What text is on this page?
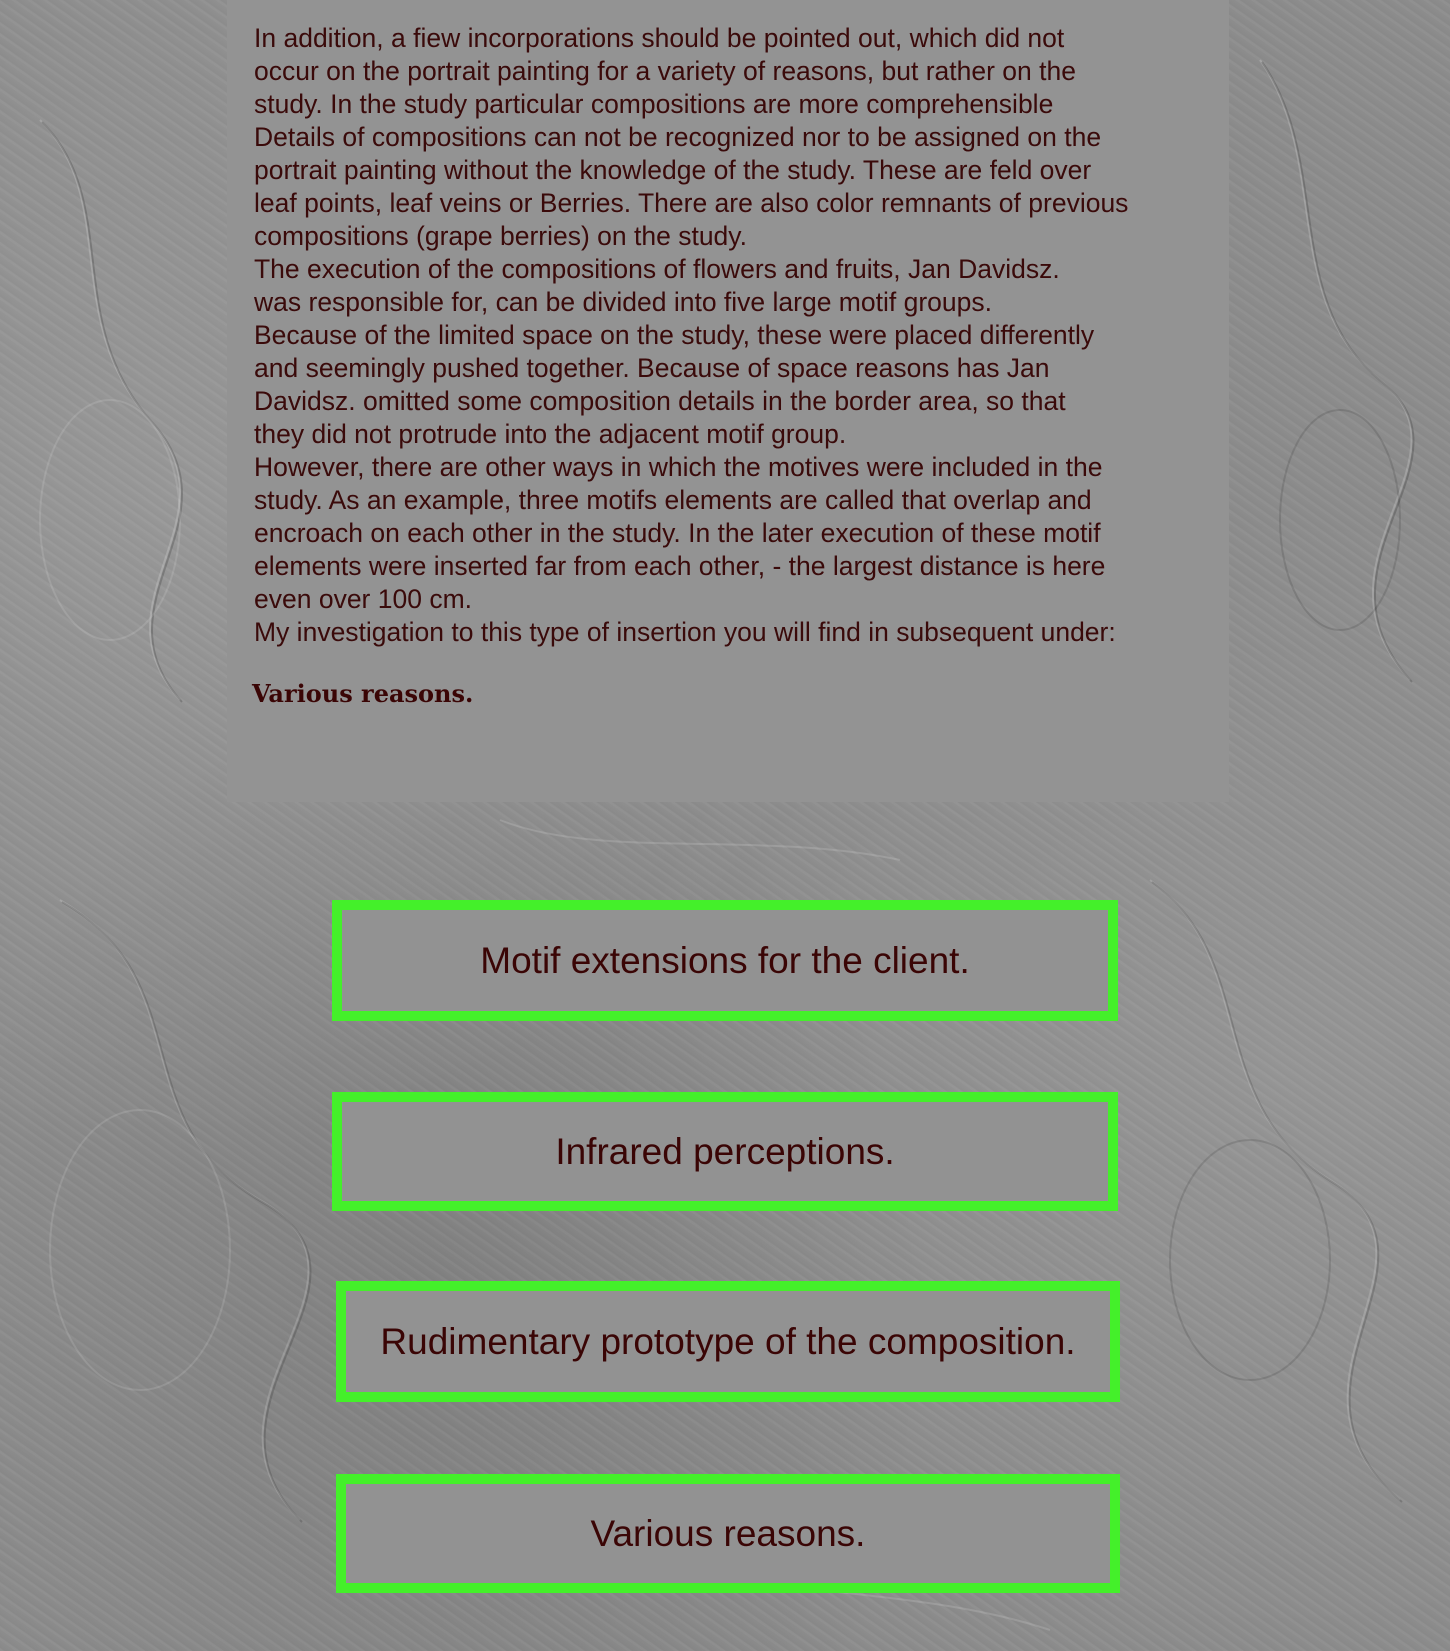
In addition, a fiew incorporations should be pointed out, which did not
occur on the portrait painting for a variety of reasons, but rather on the
study. In the study particular compositions are more comprehensible
Details of compositions can not be recognized nor to be assigned on the
portrait painting without the knowledge of the study. These are feld over
leaf points, leaf veins or Berries. There are also color remnants of previous
compositions (grape berries) on the study.
The execution of the compositions of flowers and fruits, Jan Davidsz.
was responsible for, can be divided into five large motif groups.
Because of the limited space on the study, these were placed differently
and seemingly pushed together. Because of space reasons has Jan
Davidsz. omitted some composition details in the border area, so that
they did not protrude into the adjacent motif group.
However, there are other ways in which the motives were included in the
study. As an example, three motifs elements are called that overlap and
encroach on each other in the study. In the later execution of these motif
elements were inserted far from each other, - the largest distance is here
even over 100 cm.
My investigation to this type of insertion you will find in subsequent under:

Various reasons.
Motif extensions for the client.
Infrared perceptions.
Rudimentary prototype of the composition.
Various reasons.
